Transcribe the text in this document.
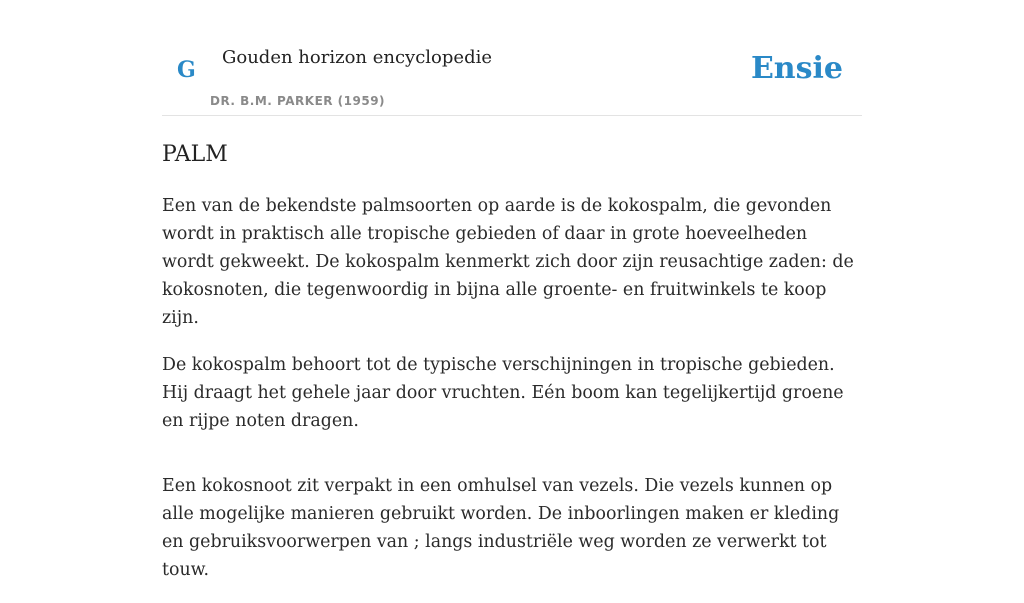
G Gouden horizon encyclopedie
DR. B.M. PARKER (1959)
Ensie
PALM

Een van de bekendste palmsoorten op aarde is de kokospalm, die gevonden wordt in praktisch alle tropische gebieden of daar in grote hoeveelheden wordt gekweekt. De kokospalm kenmerkt zich door zijn reusachtige zaden: de kokosnoten, die tegenwoordig in bijna alle groente- en fruitwinkels te koop zijn.

De kokospalm behoort tot de typische verschijningen in tropische gebieden. Hij draagt het gehele jaar door vruchten. Eén boom kan tegelijkertijd groene en rijpe noten dragen.

Een kokosnoot zit verpakt in een omhulsel van vezels. Die vezels kunnen op alle mogelijke manieren gebruikt worden. De inboorlingen maken er kleding en gebruiksvoorwerpen van ; langs industriële weg worden ze verwerkt tot touw.
